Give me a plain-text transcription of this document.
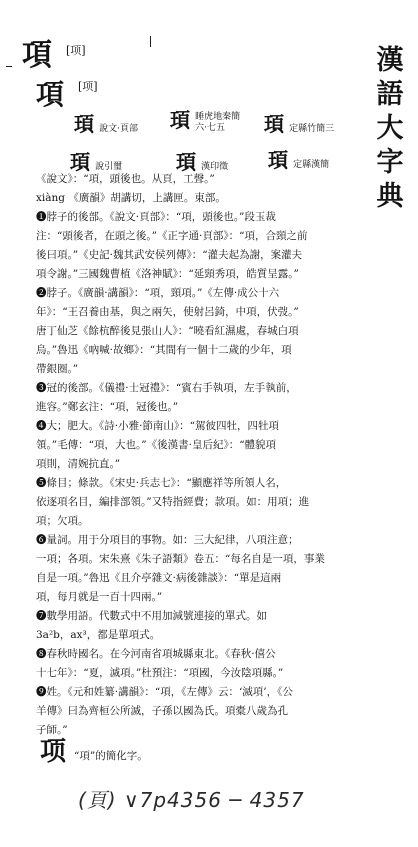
漢
語
大
字
典
項 [项]
項 [项]
頊 說文·頁部 頊 睡虎地秦簡 六·七五	頊 定縣竹簡三
頊 說引璽	頊 漢印徵 頊 定縣漢簡

《說文》：“項，頭後也。从頁，工聲。”

xiàng 《廣韻》胡講切，上講匣。東部。

❶脖子的後部。《說文·頁部》：“項，頭後也。”段玉裁

注：“頭後者，在頭之後。”《正字通·頁部》：“項，合頸之前

後曰項。”《史記·魏其武安侯列傳》：“灌夫起為謝，案灌夫

項令謝。”三國魏曹植《洛神賦》：“延頸秀項，皓質呈露。”

❷脖子。《廣韻·講韻》：“項，頸項。”《左傳·成公十六

年》：“王召養由基，與之兩矢，使射呂錡，中項，伏弢。”

唐丁仙芝《餘杭醉後見張山人》：“曉看紅濕處，春城白項

烏。”魯迅《吶喊·故鄉》：“其間有一個十二歲的少年，項

帶銀圈。”

❸冠的後部。《儀禮·士冠禮》：“賓右手執項，左手執前，

進容。”鄭玄注：“項，冠後也。”

❹大；肥大。《詩·小雅·節南山》：“駕彼四牡，四牡項

領。”毛傳：“項，大也。”《後漢書·皇后紀》：“體貌項

項則，清婉抗直。”

❺條目；條款。《宋史·兵志七》：“顯應祥等所領人名，

依逐項名目，編排部領。”又特指經費；款項。如：用項；進

項；欠項。

❻量詞。用于分項目的事物。如：三大紀律，八項注意；

一項；各項。宋朱熹《朱子語類》卷五：“每名自是一項，事業

自是一項。”魯迅《且介亭雜文·病後雜談》：“單是這兩

項，每月就是一百十四兩。”

❼數學用語。代數式中不用加減號連接的單式。如

3a²b，ax³，都是單項式。

❽春秋時國名。在今河南省項城縣東北。《春秋·僖公

十七年》：“夏，滅項。”杜預注：“項國，今汝陰項縣。”

❾姓。《元和姓纂·講韻》：“項，《左傳》云：‘滅項’，《公

羊傳》曰為齊桓公所滅，子孫以國為氏。項橐八歲為孔

子師。”

项 “項”的簡化字。
(頁) ∨7p4356 ─ 4357
